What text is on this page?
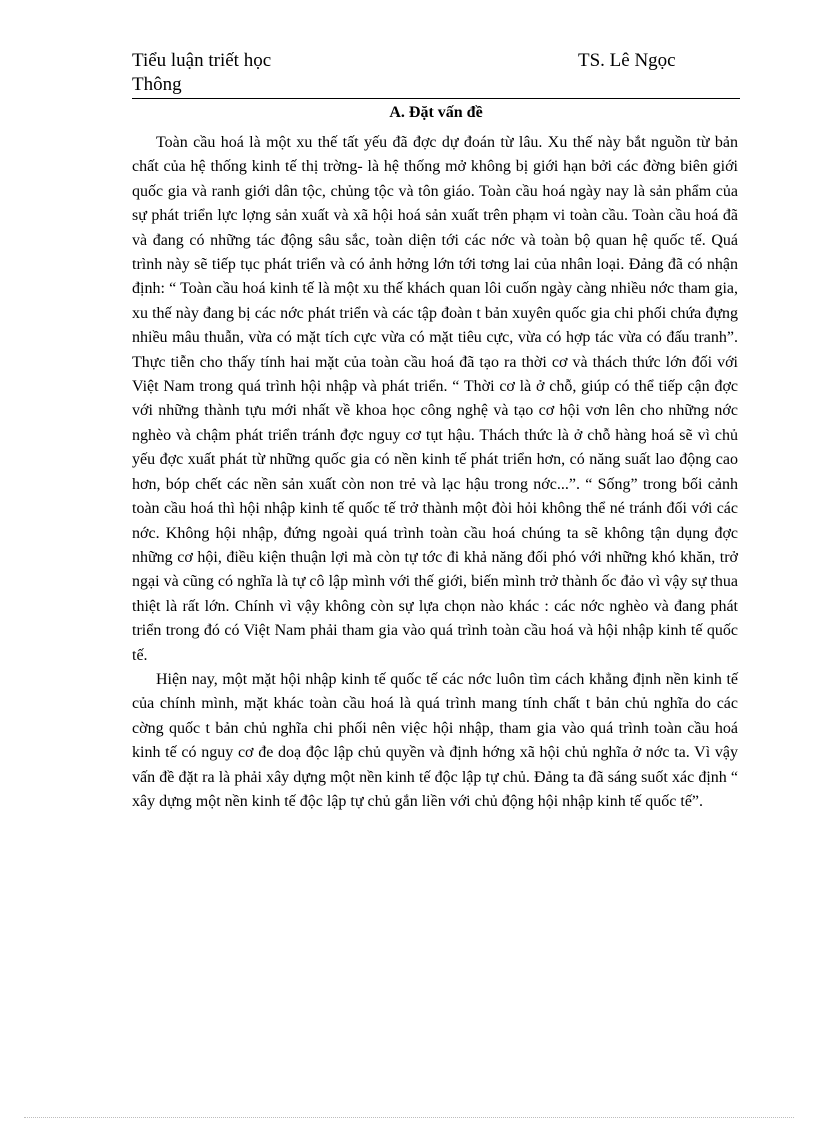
Tiểu luận triết học	TS. Lê Ngọc
Thông
A. Đặt vấn đề

Toàn cầu hoá là một xu thế tất yếu đã đợc dự đoán từ lâu. Xu thế này bắt nguồn từ bản chất của hệ thống kinh tế thị trờng- là hệ thống mở không bị giới hạn bởi các đờng biên giới quốc gia và ranh giới dân tộc, chủng tộc và tôn giáo. Toàn cầu hoá ngày nay là sản phẩm của sự phát triển lực lợng sản xuất và xã hội hoá sản xuất trên phạm vi toàn cầu. Toàn cầu hoá đã và đang có những tác động sâu sắc, toàn diện tới các nớc và toàn bộ quan hệ quốc tế. Quá trình này sẽ tiếp tục phát triển và có ảnh hởng lớn tới tơng lai của nhân loại. Đảng đã có nhận định: “ Toàn cầu hoá kinh tế là một xu thế khách quan lôi cuốn ngày càng nhiều nớc tham gia, xu thế này đang bị các nớc phát triển và các tập đoàn t bản xuyên quốc gia chi phối chứa đựng nhiều mâu thuẫn, vừa có mặt tích cực vừa có mặt tiêu cực, vừa có hợp tác vừa có đấu tranh”. Thực tiễn cho thấy tính hai mặt của toàn cầu hoá đã tạo ra thời cơ và thách thức lớn đối với Việt Nam trong quá trình hội nhập và phát triển. “ Thời cơ là ở chỗ, giúp có thể tiếp cận đợc với những thành tựu mới nhất về khoa học công nghệ và tạo cơ hội vơn lên cho những nớc nghèo và chậm phát triển tránh đợc nguy cơ tụt hậu. Thách thức là ở chỗ hàng hoá sẽ vì chủ yếu đợc xuất phát từ những quốc gia có nền kinh tế phát triển hơn, có năng suất lao động cao hơn, bóp chết các nền sản xuất còn non trẻ và lạc hậu trong nớc...”. “ Sống” trong bối cảnh toàn cầu hoá thì hội nhập kinh tế quốc tế trở thành một đòi hỏi không thể né tránh đối với các nớc. Không hội nhập, đứng ngoài quá trình toàn cầu hoá chúng ta sẽ không tận dụng đợc những cơ hội, điều kiện thuận lợi mà còn tự tớc đi khả năng đối phó với những khó khăn, trở ngại và cũng có nghĩa là tự cô lập mình với thế giới, biến mình trở thành ốc đảo vì vậy sự thua thiệt là rất lớn. Chính vì vậy không còn sự lựa chọn nào khác : các nớc nghèo và đang phát triển trong đó có Việt Nam phải tham gia vào quá trình toàn cầu hoá và hội nhập kinh tế quốc tế.

Hiện nay, một mặt hội nhập kinh tế quốc tế các nớc luôn tìm cách khẳng định nền kinh tế của chính mình, mặt khác toàn cầu hoá là quá trình mang tính chất t bản chủ nghĩa do các cờng quốc t bản chủ nghĩa chi phối nên việc hội nhập, tham gia vào quá trình toàn cầu hoá kinh tế có nguy cơ đe doạ độc lập chủ quyền và định hớng xã hội chủ nghĩa ở nớc ta. Vì vậy vấn đề đặt ra là phải xây dựng một nền kinh tế độc lập tự chủ. Đảng ta đã sáng suốt xác định “ xây dựng một nền kinh tế độc lập tự chủ gắn liền với chủ động hội nhập kinh tế quốc tế”.
